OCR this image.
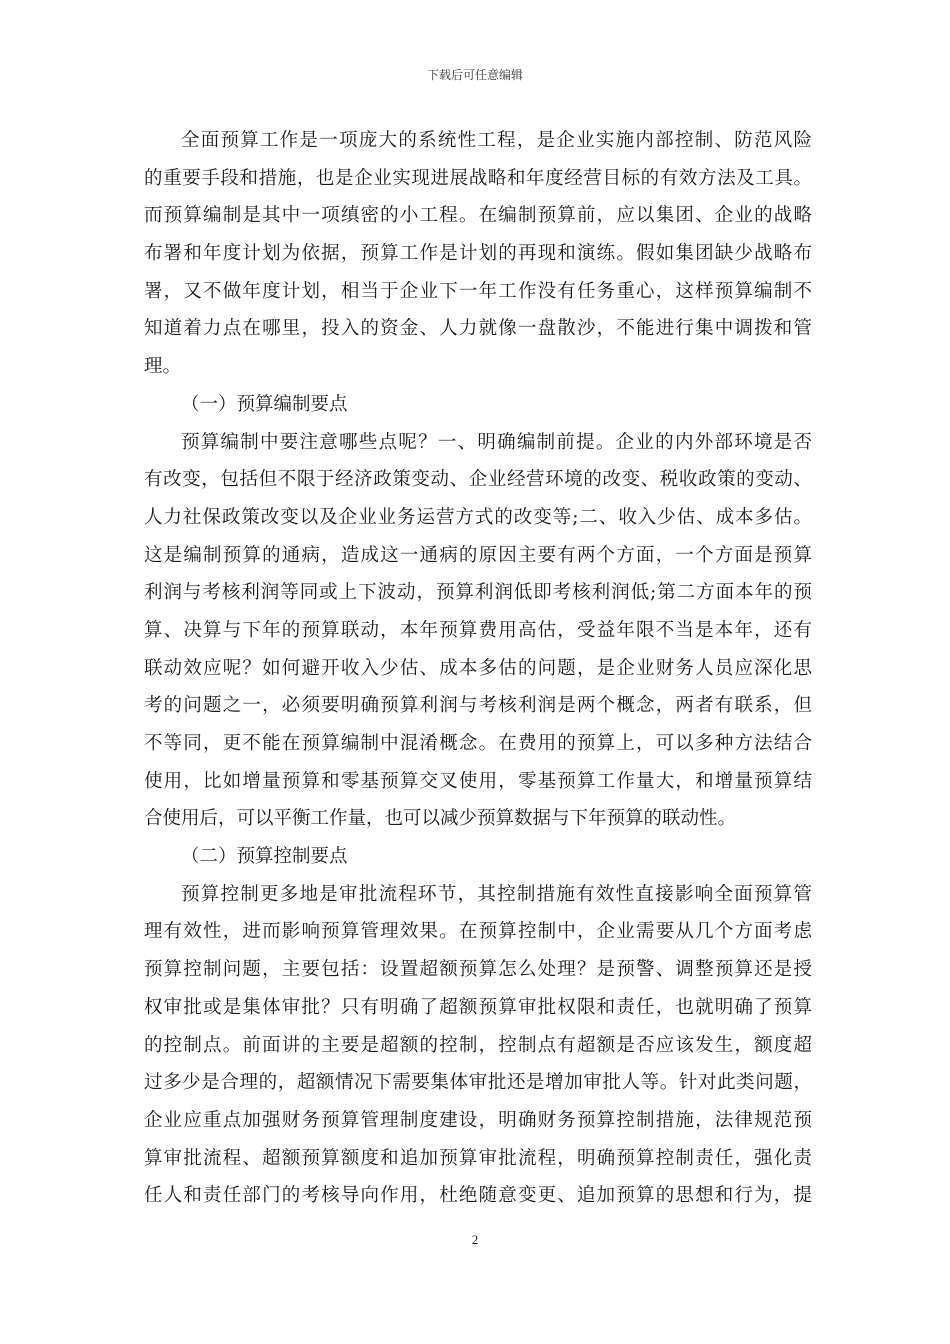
下载后可任意编辑
全面预算工作是一项庞大的系统性工程，是企业实施内部控制、防范风险
的重要手段和措施，也是企业实现进展战略和年度经营目标的有效方法及工具。
而预算编制是其中一项缜密的小工程。在编制预算前，应以集团、企业的战略
布署和年度计划为依据，预算工作是计划的再现和演练。假如集团缺少战略布
署，又不做年度计划，相当于企业下一年工作没有任务重心，这样预算编制不
知道着力点在哪里，投入的资金、人力就像一盘散沙，不能进行集中调拨和管
理。
（一）预算编制要点
预算编制中要注意哪些点呢？一、明确编制前提。企业的内外部环境是否
有改变，包括但不限于经济政策变动、企业经营环境的改变、税收政策的变动、
人力社保政策改变以及企业业务运营方式的改变等;二、收入少估、成本多估。
这是编制预算的通病，造成这一通病的原因主要有两个方面，一个方面是预算
利润与考核利润等同或上下波动，预算利润低即考核利润低;第二方面本年的预
算、决算与下年的预算联动，本年预算费用高估，受益年限不当是本年，还有
联动效应呢？如何避开收入少估、成本多估的问题，是企业财务人员应深化思
考的问题之一，必须要明确预算利润与考核利润是两个概念，两者有联系，但
不等同，更不能在预算编制中混淆概念。在费用的预算上，可以多种方法结合
使用，比如增量预算和零基预算交叉使用，零基预算工作量大，和增量预算结
合使用后，可以平衡工作量，也可以减少预算数据与下年预算的联动性。
（二）预算控制要点
预算控制更多地是审批流程环节，其控制措施有效性直接影响全面预算管
理有效性，进而影响预算管理效果。在预算控制中，企业需要从几个方面考虑
预算控制问题，主要包括：设置超额预算怎么处理？是预警、调整预算还是授
权审批或是集体审批？只有明确了超额预算审批权限和责任，也就明确了预算
的控制点。前面讲的主要是超额的控制，控制点有超额是否应该发生，额度超
过多少是合理的，超额情况下需要集体审批还是增加审批人等。针对此类问题，
企业应重点加强财务预算管理制度建设，明确财务预算控制措施，法律规范预
算审批流程、超额预算额度和追加预算审批流程，明确预算控制责任，强化责
任人和责任部门的考核导向作用，杜绝随意变更、追加预算的思想和行为，提
2
